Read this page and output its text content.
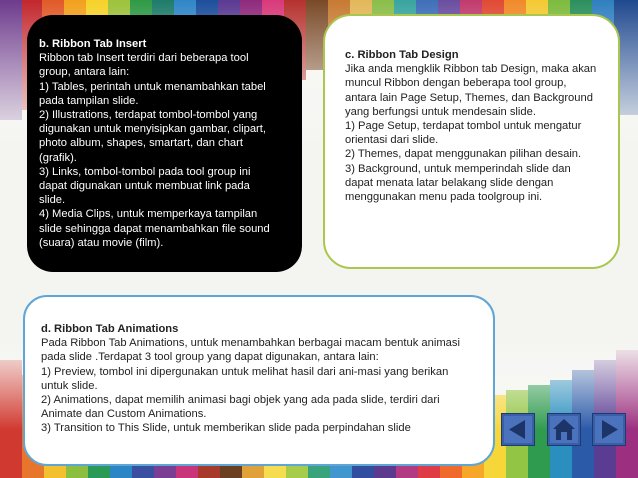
b. Ribbon Tab Insert
Ribbon tab Insert terdiri dari beberapa tool
group, antara lain:
1) Tables, perintah untuk menambahkan tabel
pada tampilan slide.
2) Illustrations, terdapat tombol-tombol yang
digunakan untuk menyisipkan gambar, clipart,
photo album, shapes, smartart, dan chart
(grafik).
3) Links, tombol-tombol pada tool group ini
dapat digunakan untuk membuat link pada
slide.
4) Media Clips, untuk memperkaya tampilan
slide sehingga dapat menambahkan file sound
(suara) atau movie (film).
c. Ribbon Tab Design
Jika anda mengklik Ribbon tab Design, maka akan
muncul Ribbon dengan beberapa tool group,
antara lain Page Setup, Themes, dan Background
yang berfungsi untuk mendesain slide.
1) Page Setup, terdapat tombol untuk mengatur
orientasi dari slide.
2) Themes, dapat menggunakan pilihan desain.
3) Background, untuk memperindah slide dan
dapat menata latar belakang slide dengan
menggunakan menu pada toolgroup ini.
d. Ribbon Tab Animations
Pada Ribbon Tab Animations, untuk menambahkan berbagai macam bentuk animasi
pada slide .Terdapat 3 tool group yang dapat digunakan, antara lain:
1) Preview, tombol ini dipergunakan untuk melihat hasil dari ani-masi yang berikan
untuk slide.
2) Animations, dapat memilih animasi bagi objek yang ada pada slide, terdiri dari
Animate dan Custom Animations.
3) Transition to This Slide, untuk memberikan slide pada perpindahan slide
